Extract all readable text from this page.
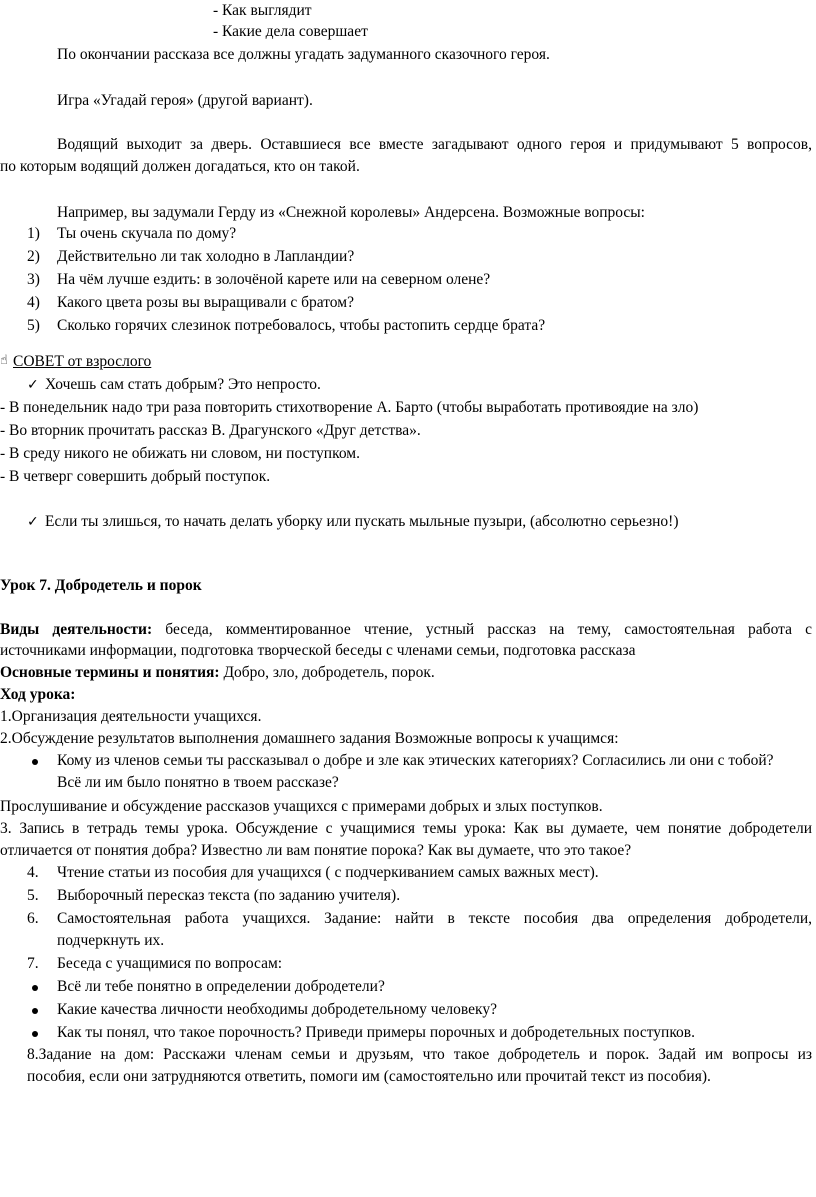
- Как выглядит
- Какие дела совершает
По окончании рассказа все должны угадать задуманного сказочного героя.
Игра «Угадай героя» (другой вариант).
Водящий выходит за дверь. Оставшиеся все вместе загадывают одного героя и придумывают 5 вопросов,
по которым водящий должен догадаться, кто он такой.
Например, вы задумали Герду из «Снежной королевы» Андерсена. Возможные вопросы:
1) Ты очень скучала по дому?
2) Действительно ли так холодно в Лапландии?
3) На чём лучше ездить: в золочёной карете или на северном олене?
4) Какого цвета розы вы выращивали с братом?
5) Сколько горячих слезинок потребовалось, чтобы растопить сердце брата?
☝ СОВЕТ от взрослого
✓ Хочешь сам стать добрым? Это непросто.
- В понедельник надо три раза повторить стихотворение А. Барто (чтобы выработать противоядие на зло)
- Во вторник прочитать рассказ В. Драгунского «Друг детства».
- В среду никого не обижать ни словом, ни поступком.
- В четверг совершить добрый поступок.
✓ Если ты злишься, то начать делать уборку или пускать мыльные пузыри, (абсолютно серьезно!)
Урок 7. Добродетель и порок
Виды деятельности: беседа, комментированное чтение, устный рассказ на тему, самостоятельная работа с
источниками информации, подготовка творческой беседы с членами семьи, подготовка рассказа
Основные термины и понятия: Добро, зло, добродетель, порок.
Ход урока:
1.Организация деятельности учащихся.
2.Обсуждение результатов выполнения домашнего задания Возможные вопросы к учащимся:
Кому из членов семьи ты рассказывал о добре и зле как этических категориях? Согласились ли они с тобой?
Всё ли им было понятно в твоем рассказе?
Прослушивание и обсуждение рассказов учащихся с примерами добрых и злых поступков.
3. Запись в тетрадь темы урока. Обсуждение с учащимися темы урока: Как вы думаете, чем понятие добродетели
отличается от понятия добра? Известно ли вам понятие порока? Как вы думаете, что это такое?
4. Чтение статьи из пособия для учащихся ( с подчеркиванием самых важных мест).
5. Выборочный пересказ текста (по заданию учителя).
6. Самостоятельная работа учащихся. Задание: найти в тексте пособия два определения добродетели,
подчеркнуть их.
7. Беседа с учащимися по вопросам:
Всё ли тебе понятно в определении добродетели?
Какие качества личности необходимы добродетельному человеку?
Как ты понял, что такое порочность? Приведи примеры порочных и добродетельных поступков.
8.Задание на дом: Расскажи членам семьи и друзьям, что такое добродетель и порок. Задай им вопросы из
пособия, если они затрудняются ответить, помоги им (самостоятельно или прочитай текст из пособия).
